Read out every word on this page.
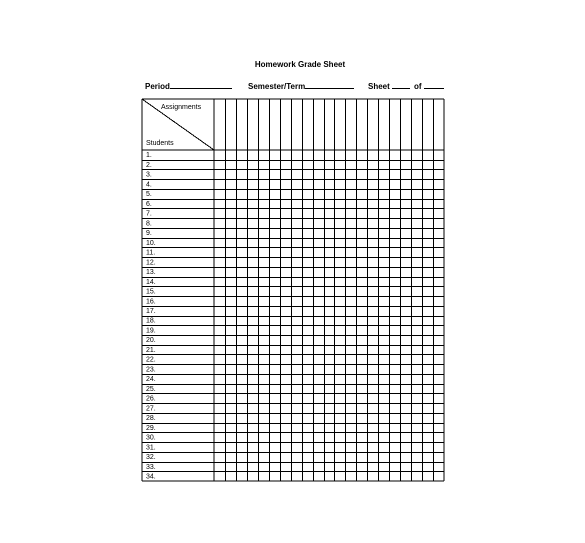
Homework Grade Sheet
Period	Semester/Term	Sheet	of
Assignments
Students
1.
2.
3.
4.
5.
6.
7.
8.
9.
10.
11.
12.
13.
14.
15.
16.
17.
18.
19.
20.
21.
22.
23.
24.
25.
26.
27.
28.
29.
30.
31.
32.
33.
34.
